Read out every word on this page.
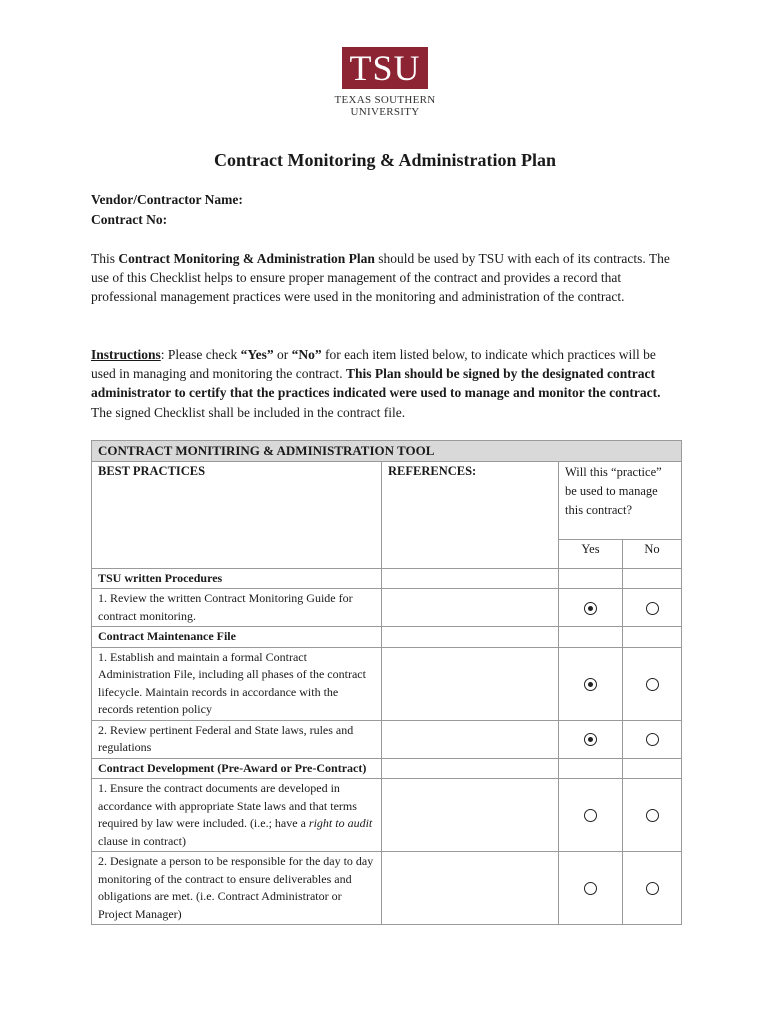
TSU
TEXAS SOUTHERN UNIVERSITY
Contract Monitoring & Administration Plan
Vendor/Contractor Name:
Contract No:
This Contract Monitoring & Administration Plan should be used by TSU with each of its contracts. The use of this Checklist helps to ensure proper management of the contract and provides a record that professional management practices were used in the monitoring and administration of the contract.
Instructions: Please check “Yes” or “No” for each item listed below, to indicate which practices will be used in managing and monitoring the contract. This Plan should be signed by the designated contract administrator to certify that the practices indicated were used to manage and monitor the contract. The signed Checklist shall be included in the contract file.
CONTRACT MONITIRING & ADMINISTRATION TOOL			
BEST PRACTICES	REFERENCES:	Will this “practice” be used to manage this contract?	
		Yes	No
TSU written Procedures			
1. Review the written Contract Monitoring Guide for contract monitoring.			
Contract Maintenance File			
1. Establish and maintain a formal Contract Administration File, including all phases of the contract lifecycle. Maintain records in accordance with the records retention policy			
2. Review pertinent Federal and State laws, rules and regulations			
Contract Development (Pre-Award or Pre-Contract)			
1. Ensure the contract documents are developed in accordance with appropriate State laws and that terms required by law were included. (i.e.; have a right to audit clause in contract)			
2. Designate a person to be responsible for the day to day monitoring of the contract to ensure deliverables and obligations are met. (i.e. Contract Administrator or Project Manager)			
